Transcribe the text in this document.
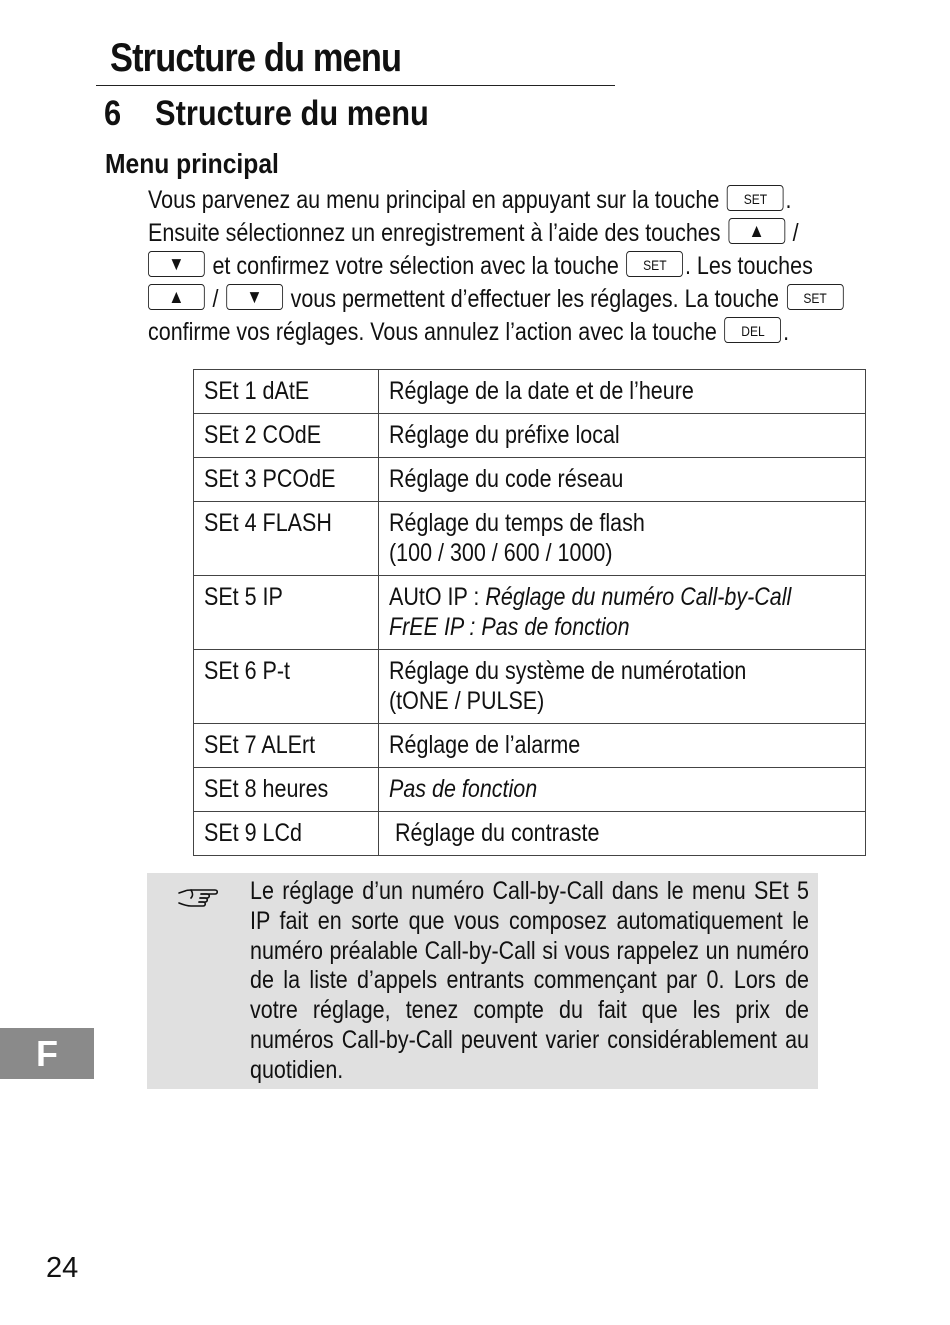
Structure du menu
6 Structure du menu
Menu principal
Vous parvenez au menu principal en appuyant sur la touche SET .
Ensuite sélectionnez un enregistrement à l’aide des touches ▲ /
▼ et confirmez votre sélection avec la touche SET . Les touches
▲ / ▼ vous permettent d’effectuer les réglages. La touche SET
confirme vos réglages. Vous annulez l’action avec la touche DEL .
SEt 1 dAtE	Réglage de la date et de l’heure

SEt 2 COdE	Réglage du préfixe local

SEt 3 PCOdE	Réglage du code réseau

SEt 4 FLASH	Réglage du temps de flash
(100 / 300 / 600 / 1000)

SEt 5 IP	AUtO IP : Réglage du numéro Call-by-Call
FrEE IP : Pas de fonction

SEt 6 P-t	Réglage du système de numérotation
(tONE / PULSE)

SEt 7 ALErt	Réglage de l’alarme

SEt 8 heures	Pas de fonction

SEt 9 LCd	Réglage du contraste
Le réglage d’un numéro Call-by-Call dans le menu SEt 5 IP fait en sorte que vous composez automatiquement le numéro préalable Call-by-Call si vous rappelez un numéro de la liste d’appels entrants commençant par 0. Lors de votre réglage, tenez compte du fait que les prix de numéros Call-by-Call peuvent varier considérablement au quotidien.
F
24
